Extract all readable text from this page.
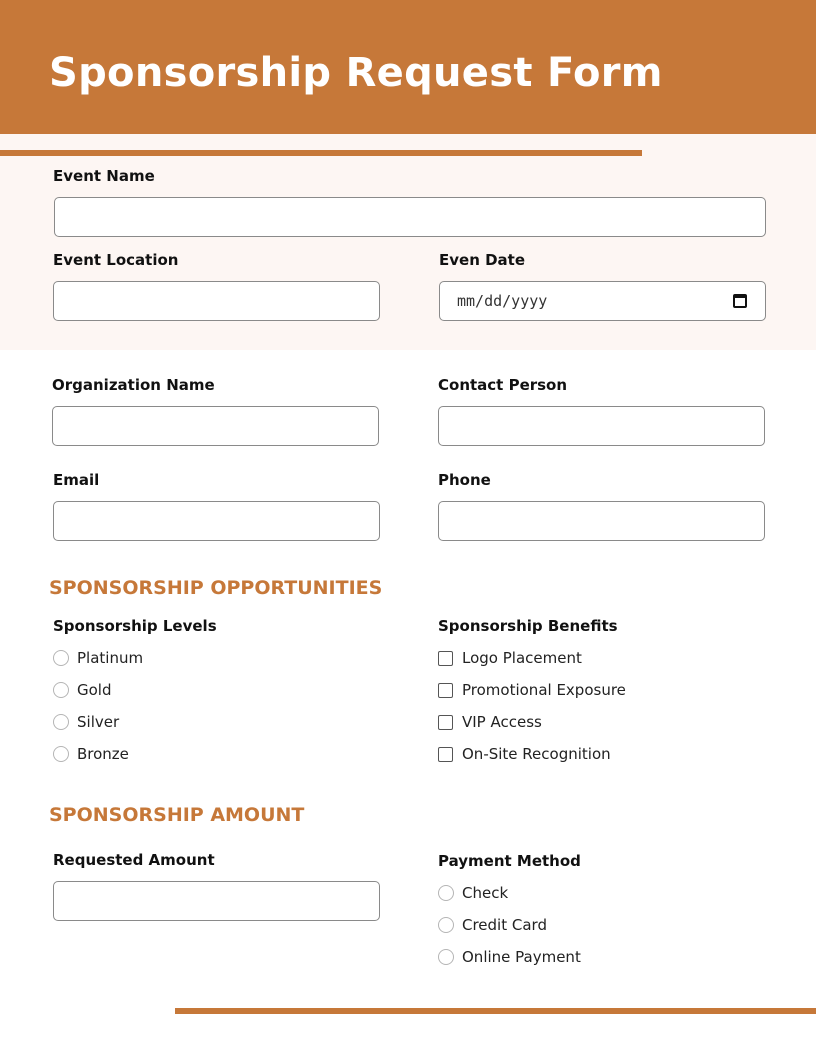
Sponsorship Request Form
Event Name
Event Location	Even Date
mm/dd/yyyy
Organization Name	Contact Person
Email	Phone
SPONSORSHIP OPPORTUNITIES
Sponsorship Levels
Platinum
Gold
Silver
Bronze
Sponsorship Benefits
Logo Placement
Promotional Exposure
VIP Access
On-Site Recognition
SPONSORSHIP AMOUNT
Requested Amount	Payment Method
Check
Credit Card
Online Payment
